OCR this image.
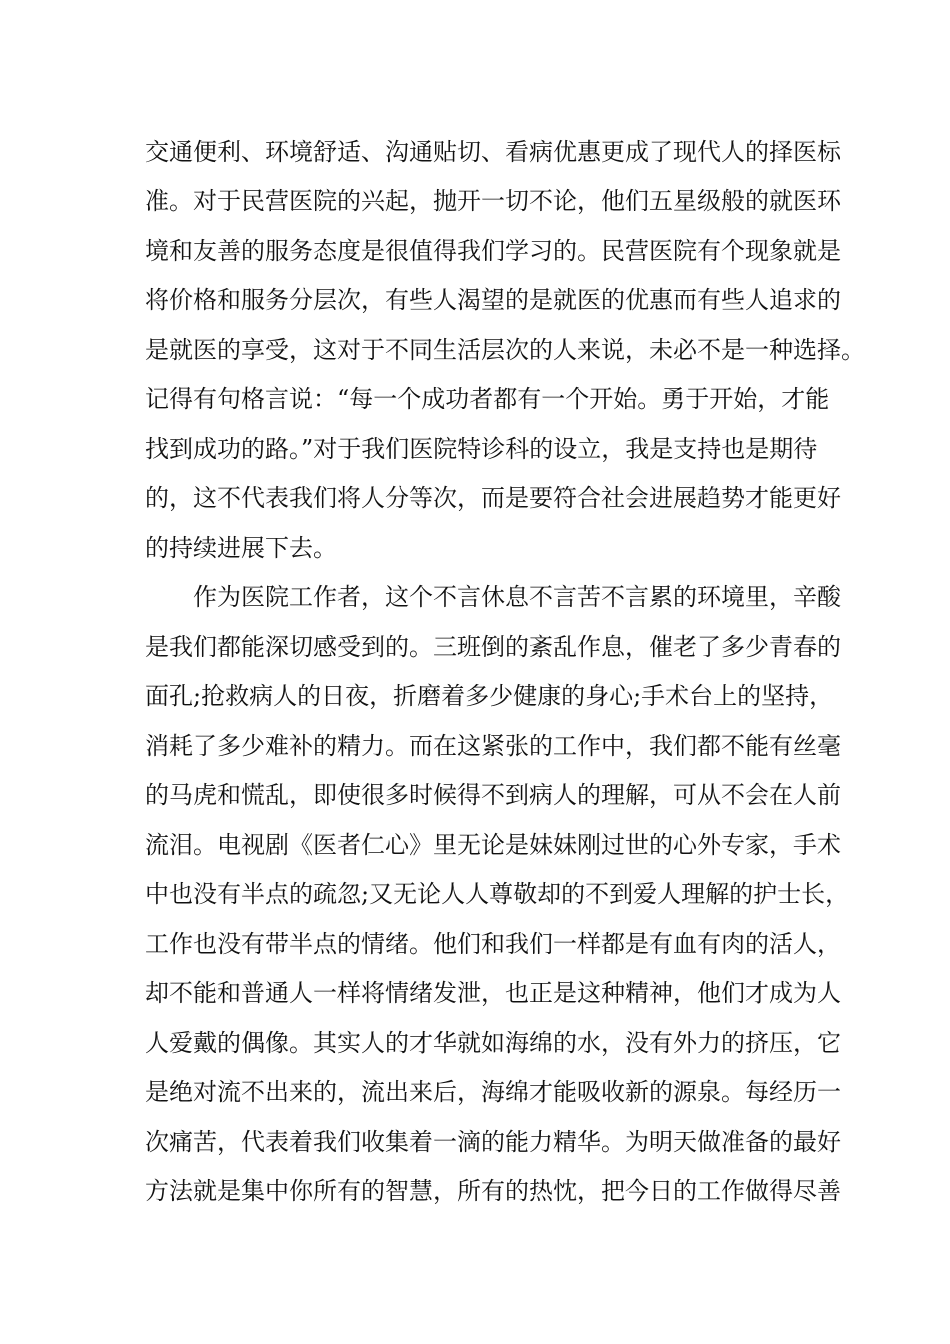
交通便利、环境舒适、沟通贴切、看病优惠更成了现代人的择医标
准。对于民营医院的兴起，抛开一切不论，他们五星级般的就医环
境和友善的服务态度是很值得我们学习的。民营医院有个现象就是
将价格和服务分层次，有些人渴望的是就医的优惠而有些人追求的
是就医的享受，这对于不同生活层次的人来说，未必不是一种选择。
记得有句格言说：“每一个成功者都有一个开始。勇于开始，才能
找到成功的路。”对于我们医院特诊科的设立，我是支持也是期待
的，这不代表我们将人分等次，而是要符合社会进展趋势才能更好
的持续进展下去。
作为医院工作者，这个不言休息不言苦不言累的环境里，辛酸
是我们都能深切感受到的。三班倒的紊乱作息，催老了多少青春的
面孔;抢救病人的日夜，折磨着多少健康的身心;手术台上的坚持，
消耗了多少难补的精力。而在这紧张的工作中，我们都不能有丝毫
的马虎和慌乱，即使很多时候得不到病人的理解，可从不会在人前
流泪。电视剧《医者仁心》里无论是妹妹刚过世的心外专家，手术
中也没有半点的疏忽;又无论人人尊敬却的不到爱人理解的护士长，
工作也没有带半点的情绪。他们和我们一样都是有血有肉的活人，
却不能和普通人一样将情绪发泄，也正是这种精神，他们才成为人
人爱戴的偶像。其实人的才华就如海绵的水，没有外力的挤压，它
是绝对流不出来的，流出来后，海绵才能吸收新的源泉。每经历一
次痛苦，代表着我们收集着一滴的能力精华。为明天做准备的最好
方法就是集中你所有的智慧，所有的热忱，把今日的工作做得尽善
